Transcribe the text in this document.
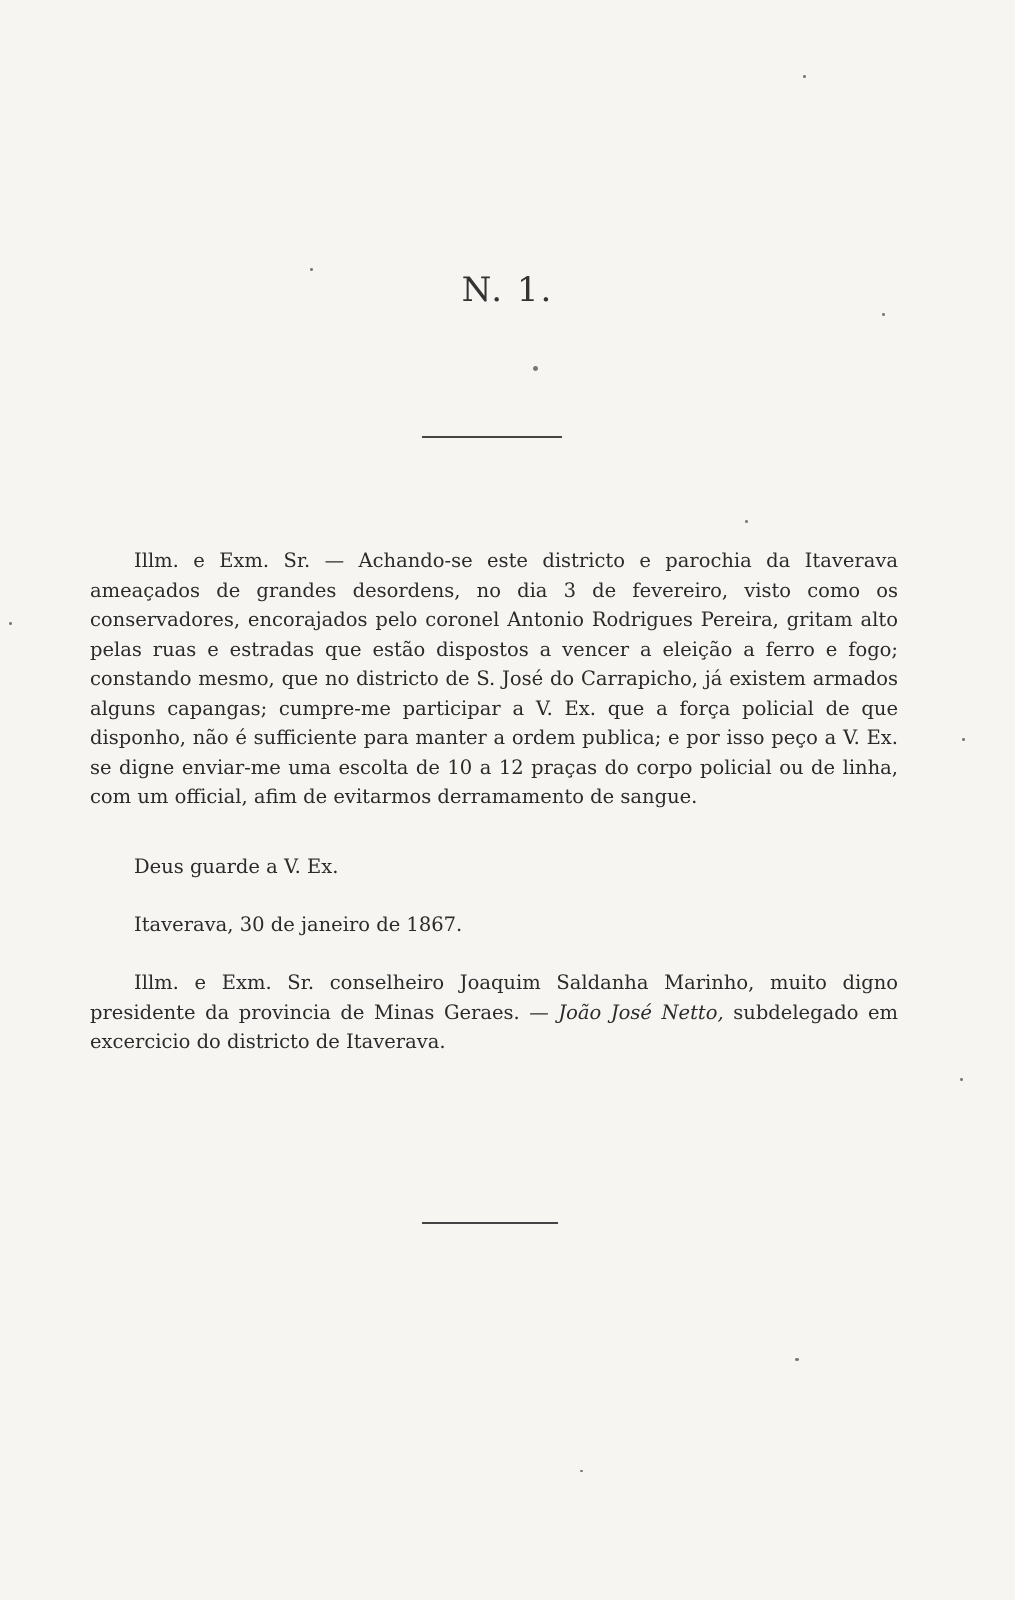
N. 1.

Illm. e Exm. Sr. — Achando-se este districto e parochia da Itaverava ameaçados de grandes desordens, no dia 3 de fevereiro, visto como os conservadores, encorajados pelo coronel Antonio Rodrigues Pereira, gritam alto pelas ruas e estradas que estão dispostos a vencer a eleição a ferro e fogo; constando mesmo, que no districto de S. José do Carrapicho, já existem armados alguns capangas; cumpre-me participar a V. Ex. que a força policial de que disponho, não é sufficiente para manter a ordem publica; e por isso peço a V. Ex. se digne enviar-me uma escolta de 10 a 12 praças do corpo policial ou de linha, com um official, afim de evitarmos derramamento de sangue.

Deus guarde a V. Ex.

Itaverava, 30 de janeiro de 1867.

Illm. e Exm. Sr. conselheiro Joaquim Saldanha Marinho, muito digno presidente da provincia de Minas Geraes. — João José Netto, subdelegado em excercicio do districto de Itaverava.
